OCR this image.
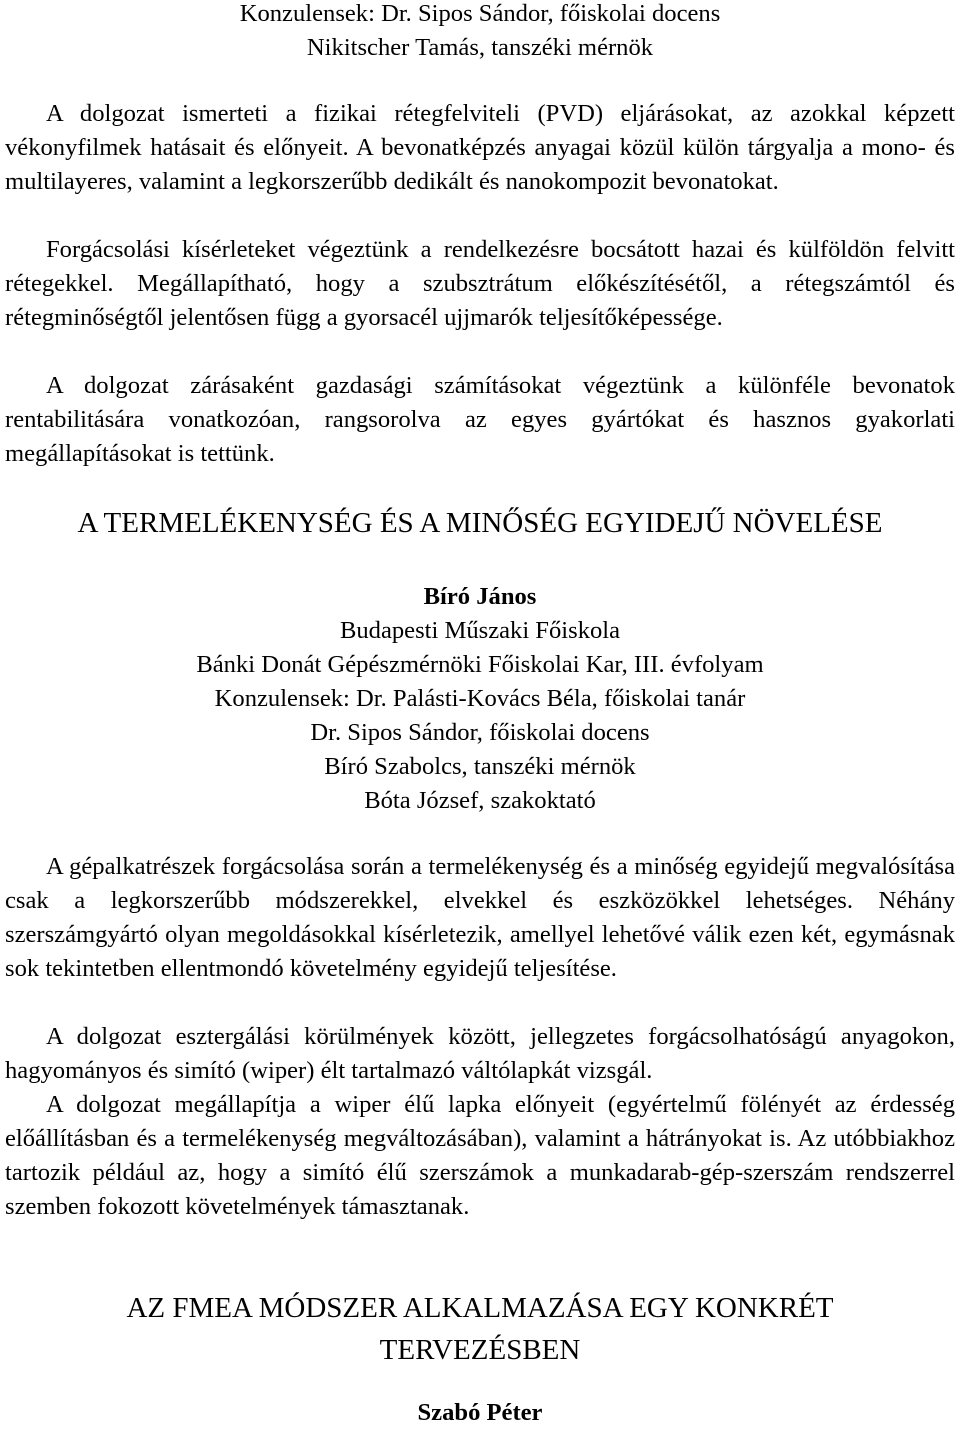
Konzulensek: Dr. Sipos Sándor, főiskolai docens
Nikitscher Tamás, tanszéki mérnök

A dolgozat ismerteti a fizikai rétegfelviteli (PVD) eljárásokat, az azokkal képzett vékonyfilmek hatásait és előnyeit. A bevonatképzés anyagai közül külön tárgyalja a mono- és multilayeres, valamint a legkorszerűbb dedikált és nanokompozit bevonatokat.

Forgácsolási kísérleteket végeztünk a rendelkezésre bocsátott hazai és külföldön felvitt rétegekkel. Megállapítható, hogy a szubsztrátum előkészítésétől, a rétegszámtól és rétegminőségtől jelentősen függ a gyorsacél ujjmarók teljesítőképessége.

A dolgozat zárásaként gazdasági számításokat végeztünk a különféle bevonatok rentabilitására vonatkozóan, rangsorolva az egyes gyártókat és hasznos gyakorlati megállapításokat is tettünk.

A TERMELÉKENYSÉG ÉS A MINŐSÉG EGYIDEJŰ NÖVELÉSE
Bíró János
Budapesti Műszaki Főiskola
Bánki Donát Gépészmérnöki Főiskolai Kar, III. évfolyam
Konzulensek: Dr. Palásti-Kovács Béla, főiskolai tanár
Dr. Sipos Sándor, főiskolai docens
Bíró Szabolcs, tanszéki mérnök
Bóta József, szakoktató

A gépalkatrészek forgácsolása során a termelékenység és a minőség egyidejű megvalósítása csak a legkorszerűbb módszerekkel, elvekkel és eszközökkel lehetséges. Néhány szerszámgyártó olyan megoldásokkal kísérletezik, amellyel lehetővé válik ezen két, egymásnak sok tekintetben ellentmondó követelmény egyidejű teljesítése.

A dolgozat esztergálási körülmények között, jellegzetes forgácsolhatóságú anyagokon, hagyományos és simító (wiper) élt tartalmazó váltólapkát vizsgál.

A dolgozat megállapítja a wiper élű lapka előnyeit (egyértelmű fölényét az érdesség előállításban és a termelékenység megváltozásában), valamint a hátrányokat is. Az utóbbiakhoz tartozik például az, hogy a simító élű szerszámok a munkadarab-gép-szerszám rendszerrel szemben fokozott követelmények támasztanak.

AZ FMEA MÓDSZER ALKALMAZÁSA EGY KONKRÉT
TERVEZÉSBEN
Szabó Péter
